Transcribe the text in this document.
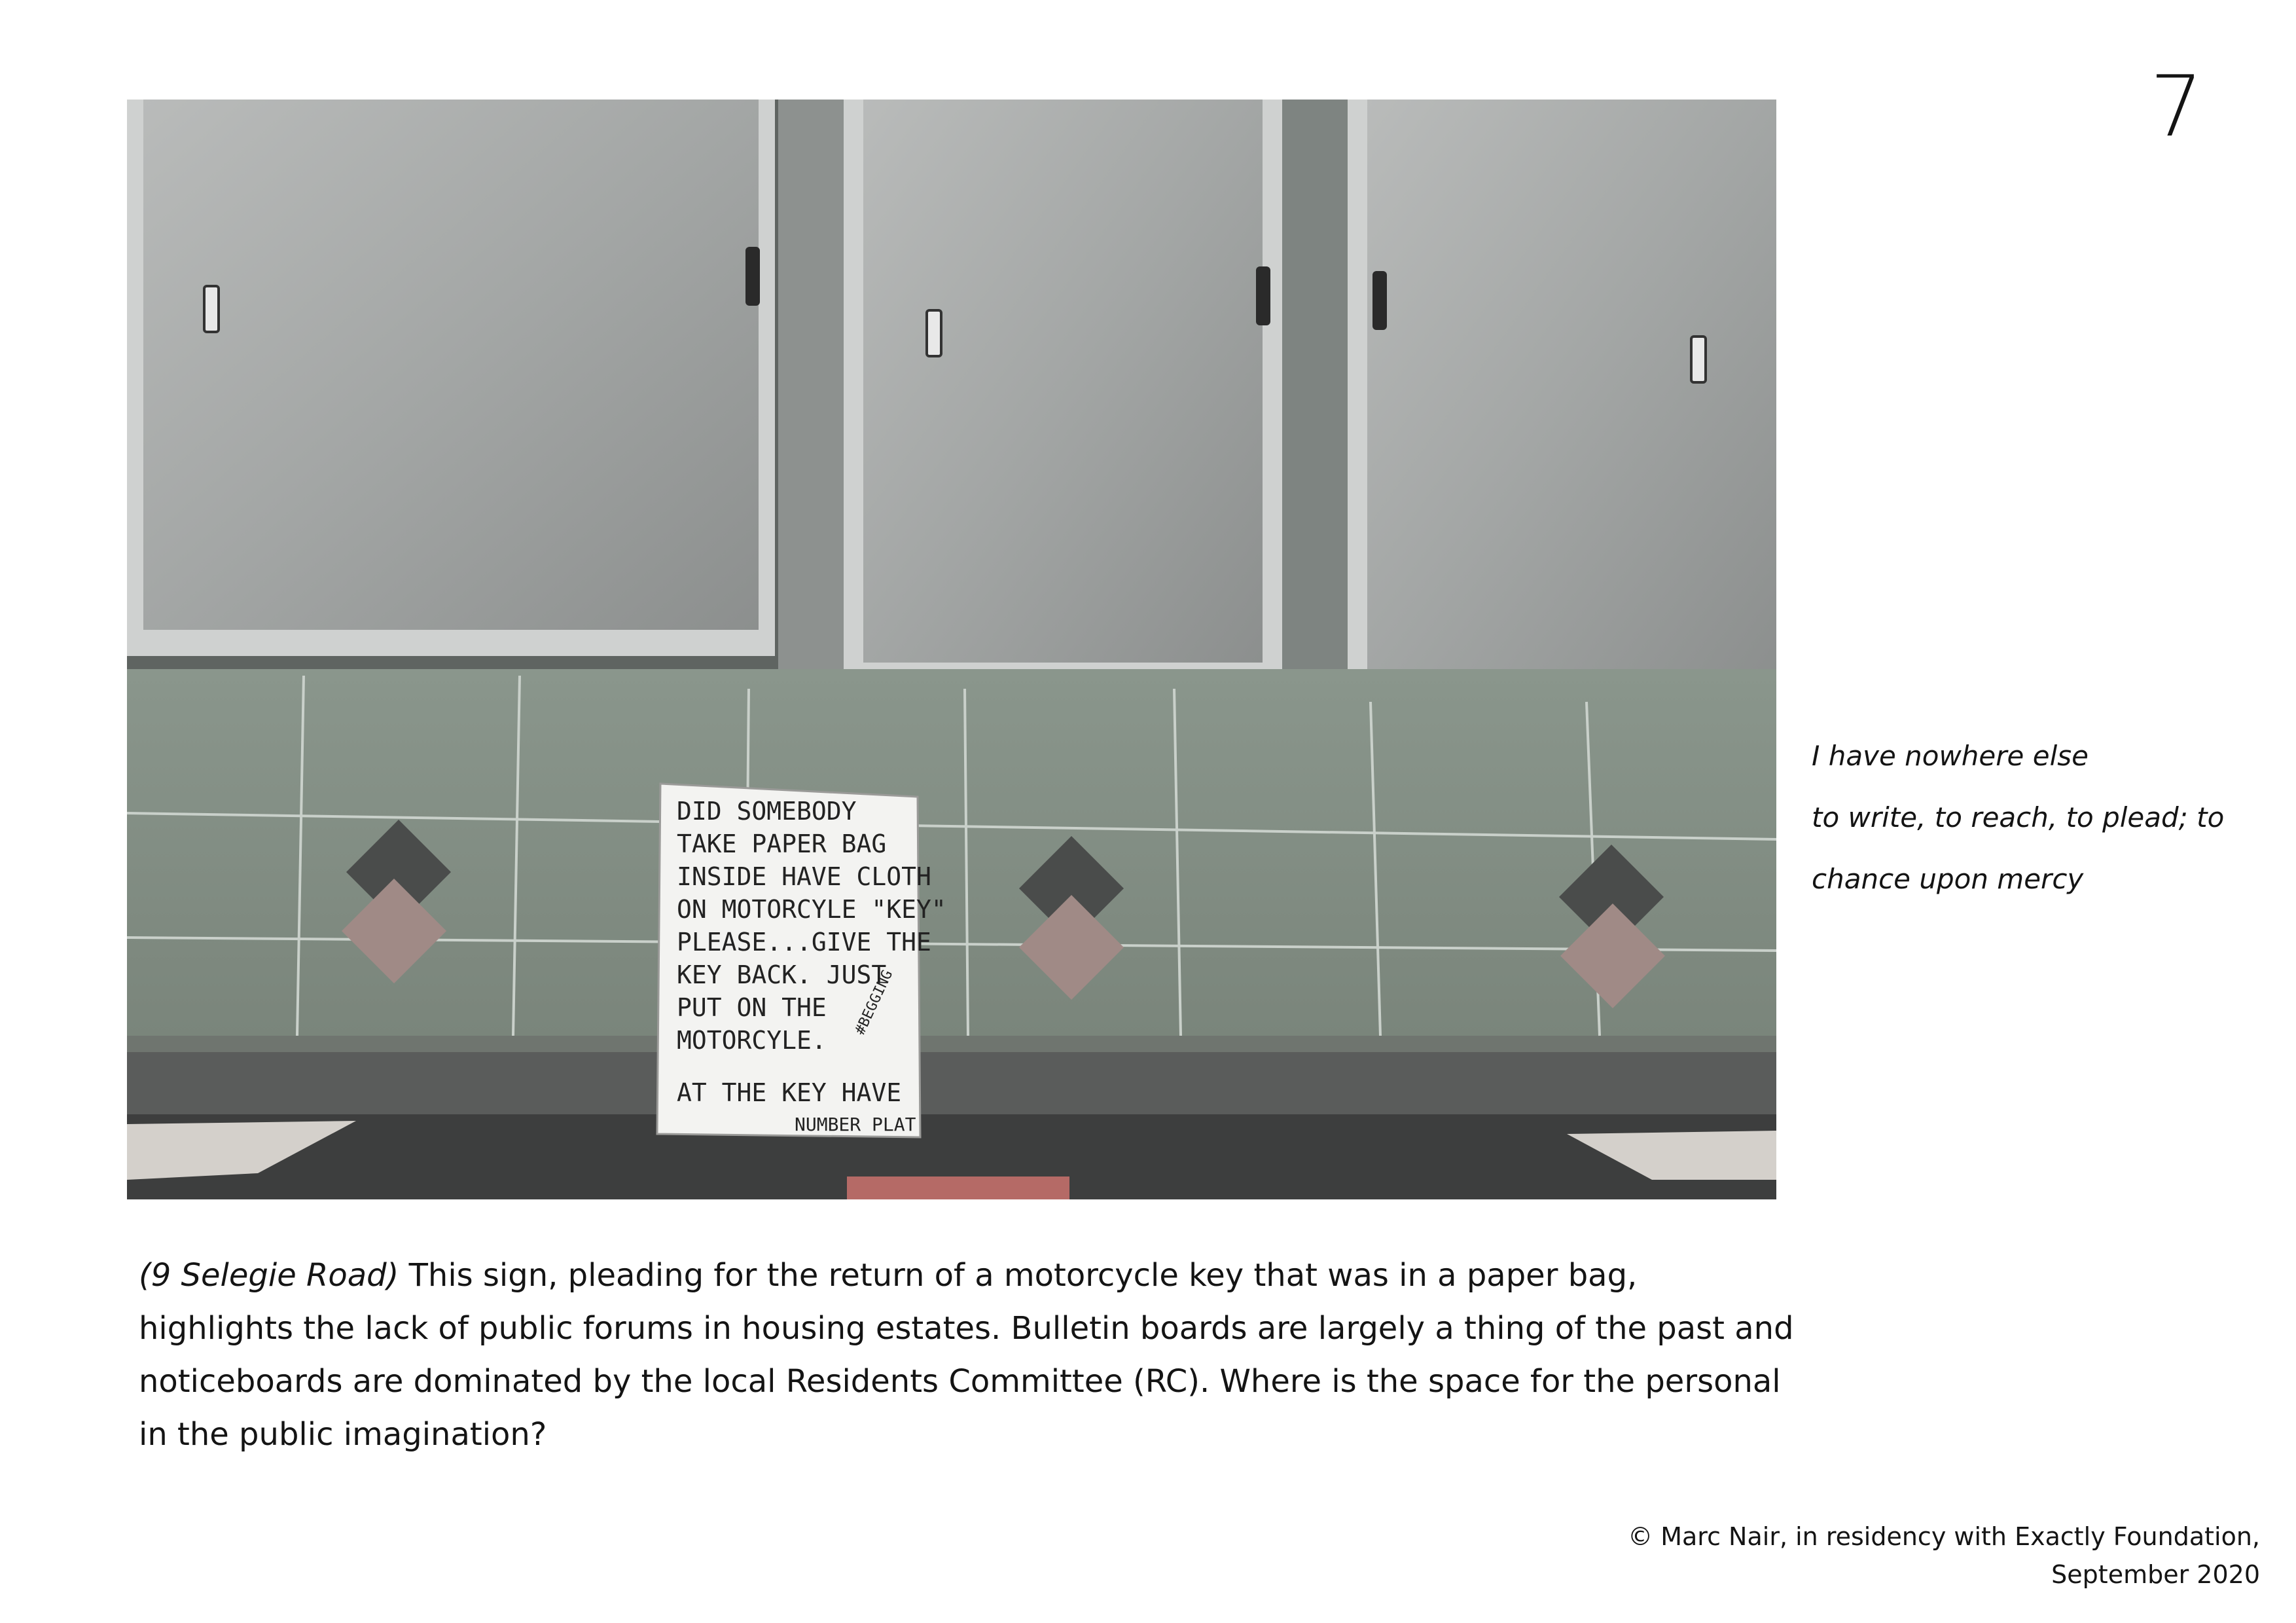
7
DID SOMEBODY
TAKE PAPER BAG
INSIDE HAVE CLOTH
ON MOTORCYLE "KEY"
PLEASE...GIVE THE
KEY BACK. JUST
PUT ON THE
MOTORCYLE.
AT THE KEY HAVE
NUMBER PLAT
#BEGGING
I have nowhere else
to write, to reach, to plead; to
chance upon mercy
(9 Selegie Road) This sign, pleading for the return of a motorcycle key that was in a paper bag, highlights the lack of public forums in housing estates. Bulletin boards are largely a thing of the past and noticeboards are dominated by the local Residents Committee (RC). Where is the space for the personal in the public imagination?
© Marc Nair, in residency with Exactly Foundation,
September 2020
